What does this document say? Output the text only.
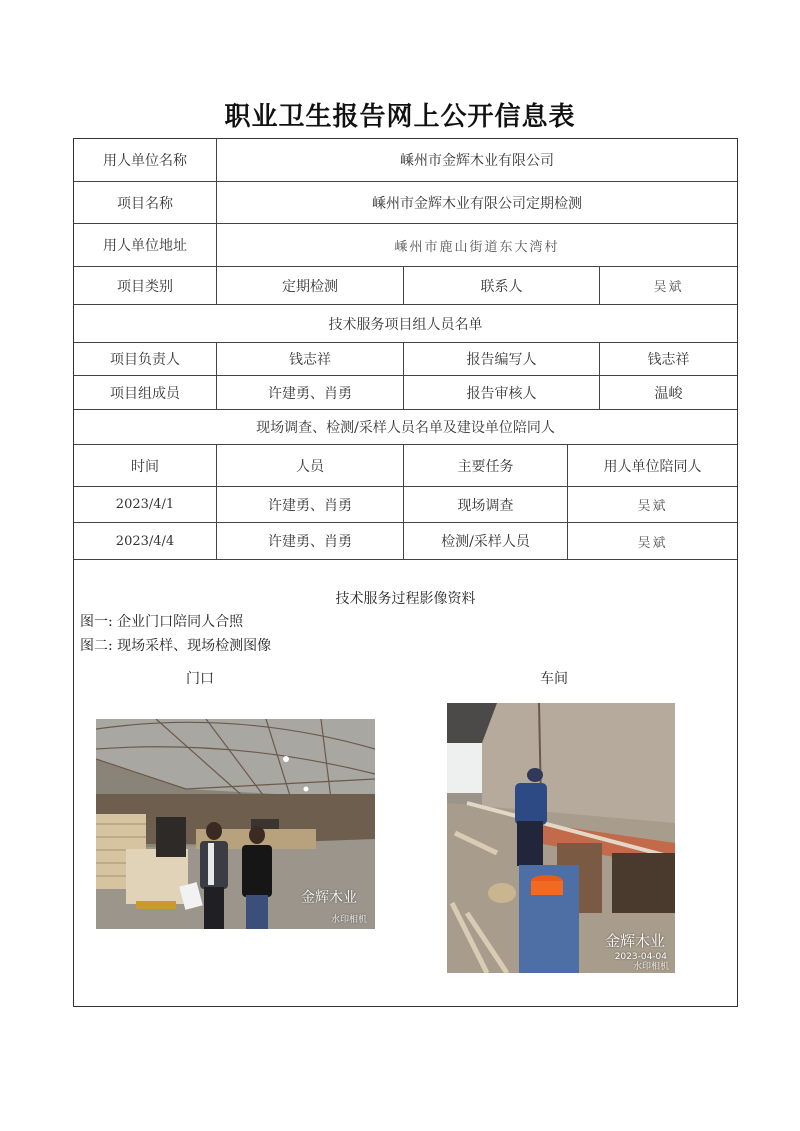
职业卫生报告网上公开信息表
用人单位名称	嵊州市金辉木业有限公司
项目名称	嵊州市金辉木业有限公司定期检测
用人单位地址	嵊州市鹿山街道东大湾村
项目类别	定期检测	联系人	吴斌
技术服务项目组人员名单
项目负责人	钱志祥	报告编写人	钱志祥
项目组成员	许建勇、肖勇	报告审核人	温峻
现场调查、检测/采样人员名单及建设单位陪同人
时间	人员	主要任务	用人单位陪同人
2023/4/1	许建勇、肖勇	现场调查	吴斌
2023/4/4	许建勇、肖勇	检测/采样人员	吴斌
技术服务过程影像资料
图一: 企业门口陪同人合照
图二: 现场采样、现场检测图像
门口	车间
金辉木业
水印相机
金辉木业
2023-04-04
水印相机
